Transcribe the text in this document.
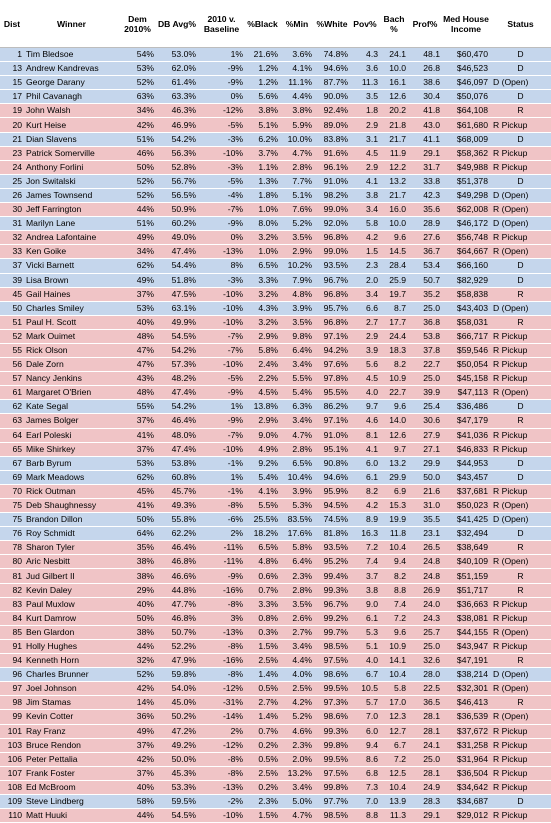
Dist	Winner	Dem 2010%	DB Avg%	2010 v. Baseline	%Black	%Min	%White	Pov%	Bach %	Prof%	Med House Income	Status
1	Tim Bledsoe	54%	53.0%	1%	21.6%	3.6%	74.8%	4.3	24.1	48.1	$60,470	D
13	Andrew Kandrevas	53%	62.0%	-9%	1.2%	4.1%	94.6%	3.6	10.0	26.8	$46,523	D
15	George Darany	52%	61.4%	-9%	1.2%	11.1%	87.7%	11.3	16.1	38.6	$46,097	D (Open)
17	Phil Cavanagh	63%	63.3%	0%	5.6%	4.4%	90.0%	3.5	12.6	30.4	$50,076	D
19	John Walsh	34%	46.3%	-12%	3.8%	3.8%	92.4%	1.8	20.2	41.8	$64,108	R
20	Kurt Heise	42%	46.9%	-5%	5.1%	5.9%	89.0%	2.9	21.8	43.0	$61,680	R Pickup
21	Dian Slavens	51%	54.2%	-3%	6.2%	10.0%	83.8%	3.1	21.7	41.1	$68,009	D
23	Patrick Somerville	46%	56.3%	-10%	3.7%	4.7%	91.6%	4.5	11.9	29.1	$58,362	R Pickup
24	Anthony Forlini	50%	52.8%	-3%	1.1%	2.8%	96.1%	2.9	12.2	31.7	$49,988	R Pickup
25	Jon Switalski	52%	56.7%	-5%	1.3%	7.7%	91.0%	4.1	13.2	33.8	$51,378	D
26	James Townsend	52%	56.5%	-4%	1.8%	5.1%	98.2%	3.8	21.7	42.3	$49,298	D (Open)
30	Jeff Farrington	44%	50.9%	-7%	1.0%	7.6%	99.0%	3.4	16.0	35.6	$62,008	R (Open)
31	Marilyn Lane	51%	60.2%	-9%	8.0%	5.2%	92.0%	5.8	10.0	28.9	$46,172	D (Open)
32	Andrea Lafontaine	49%	49.0%	0%	3.2%	3.5%	96.8%	4.2	9.6	27.6	$56,748	R Pickup
33	Ken Goike	34%	47.4%	-13%	1.0%	2.9%	99.0%	1.5	14.5	36.7	$64,667	R (Open)
37	Vicki Barnett	62%	54.4%	8%	6.5%	10.2%	93.5%	2.3	28.4	53.4	$66,160	D
39	Lisa Brown	49%	51.8%	-3%	3.3%	7.9%	96.7%	2.0	25.9	50.7	$82,929	D
45	Gail Haines	37%	47.5%	-10%	3.2%	4.8%	96.8%	3.4	19.7	35.2	$58,838	R
50	Charles Smiley	53%	63.1%	-10%	4.3%	3.9%	95.7%	6.6	8.7	25.0	$43,403	D (Open)
51	Paul H. Scott	40%	49.9%	-10%	3.2%	3.5%	96.8%	2.7	17.7	36.8	$58,031	R
52	Mark Ouimet	48%	54.5%	-7%	2.9%	9.8%	97.1%	2.9	24.4	53.8	$66,717	R Pickup
55	Rick Olson	47%	54.2%	-7%	5.8%	6.4%	94.2%	3.9	18.3	37.8	$59,546	R Pickup
56	Dale Zorn	47%	57.3%	-10%	2.4%	3.4%	97.6%	5.6	8.2	22.7	$50,054	R Pickup
57	Nancy Jenkins	43%	48.2%	-5%	2.2%	5.5%	97.8%	4.5	10.9	25.0	$45,158	R Pickup
61	Margaret O'Brien	48%	47.4%	-9%	4.5%	5.4%	95.5%	4.0	22.7	39.9	$47,113	R (Open)
62	Kate Segal	55%	54.2%	1%	13.8%	6.3%	86.2%	9.7	9.6	25.4	$36,486	D
63	James Bolger	37%	46.4%	-9%	2.9%	3.4%	97.1%	4.6	14.0	30.6	$47,179	R
64	Earl Poleski	41%	48.0%	-7%	9.0%	4.7%	91.0%	8.1	12.6	27.9	$41,036	R Pickup
65	Mike Shirkey	37%	47.4%	-10%	4.9%	2.8%	95.1%	4.1	9.7	27.1	$46,833	R Pickup
67	Barb Byrum	53%	53.8%	-1%	9.2%	6.5%	90.8%	6.0	13.2	29.9	$44,953	D
69	Mark Meadows	62%	60.8%	1%	5.4%	10.4%	94.6%	6.1	29.9	50.0	$43,457	D
70	Rick Outman	45%	45.7%	-1%	4.1%	3.9%	95.9%	8.2	6.9	21.6	$37,681	R Pickup
75	Deb Shaughnessy	41%	49.3%	-8%	5.5%	5.3%	94.5%	4.2	15.3	31.0	$50,023	R (Open)
75	Brandon Dillon	50%	55.8%	-6%	25.5%	83.5%	74.5%	8.9	19.9	35.5	$41,425	D (Open)
76	Roy Schmidt	64%	62.2%	2%	18.2%	17.6%	81.8%	16.3	11.8	23.1	$32,494	D
78	Sharon Tyler	35%	46.4%	-11%	6.5%	5.8%	93.5%	7.2	10.4	26.5	$38,649	R
80	Aric Nesbitt	38%	46.8%	-11%	4.8%	6.4%	95.2%	7.4	9.4	24.8	$40,109	R (Open)
81	Jud Gilbert II	38%	46.6%	-9%	0.6%	2.3%	99.4%	3.7	8.2	24.8	$51,159	R
82	Kevin Daley	29%	44.8%	-16%	0.7%	2.8%	99.3%	3.8	8.8	26.9	$51,717	R
83	Paul Muxlow	40%	47.7%	-8%	3.3%	3.5%	96.7%	9.0	7.4	24.0	$36,663	R Pickup
84	Kurt Damrow	50%	46.8%	3%	0.8%	2.6%	99.2%	6.1	7.2	24.3	$38,081	R Pickup
85	Ben Glardon	38%	50.7%	-13%	0.3%	2.7%	99.7%	5.3	9.6	25.7	$44,155	R (Open)
91	Holly Hughes	44%	52.2%	-8%	1.5%	3.4%	98.5%	5.1	10.9	25.0	$43,947	R Pickup
94	Kenneth Horn	32%	47.9%	-16%	2.5%	4.4%	97.5%	4.0	14.1	32.6	$47,191	R
96	Charles Brunner	52%	59.8%	-8%	1.4%	4.0%	98.6%	6.7	10.4	28.0	$38,214	D (Open)
97	Joel Johnson	42%	54.0%	-12%	0.5%	2.5%	99.5%	10.5	5.8	22.5	$32,301	R (Open)
98	Jim Stamas	14%	45.0%	-31%	2.7%	4.2%	97.3%	5.7	17.0	36.5	$46,413	R
99	Kevin Cotter	36%	50.2%	-14%	1.4%	5.2%	98.6%	7.0	12.3	28.1	$36,539	R (Open)
101	Ray Franz	49%	47.2%	2%	0.7%	4.6%	99.3%	6.0	12.7	28.1	$37,672	R Pickup
103	Bruce Rendon	37%	49.2%	-12%	0.2%	2.3%	99.8%	9.4	6.7	24.1	$31,258	R Pickup
106	Peter Pettalia	42%	50.0%	-8%	0.5%	2.0%	99.5%	8.6	7.2	25.0	$31,964	R Pickup
107	Frank Foster	37%	45.3%	-8%	2.5%	13.2%	97.5%	6.8	12.5	28.1	$36,504	R Pickup
108	Ed McBroom	40%	53.3%	-13%	0.2%	3.4%	99.8%	7.3	10.4	24.9	$34,642	R Pickup
109	Steve Lindberg	58%	59.5%	-2%	2.3%	5.0%	97.7%	7.0	13.9	28.3	$34,687	D
110	Matt Huuki	44%	54.5%	-10%	1.5%	4.7%	98.5%	8.8	11.3	29.1	$29,012	R Pickup
